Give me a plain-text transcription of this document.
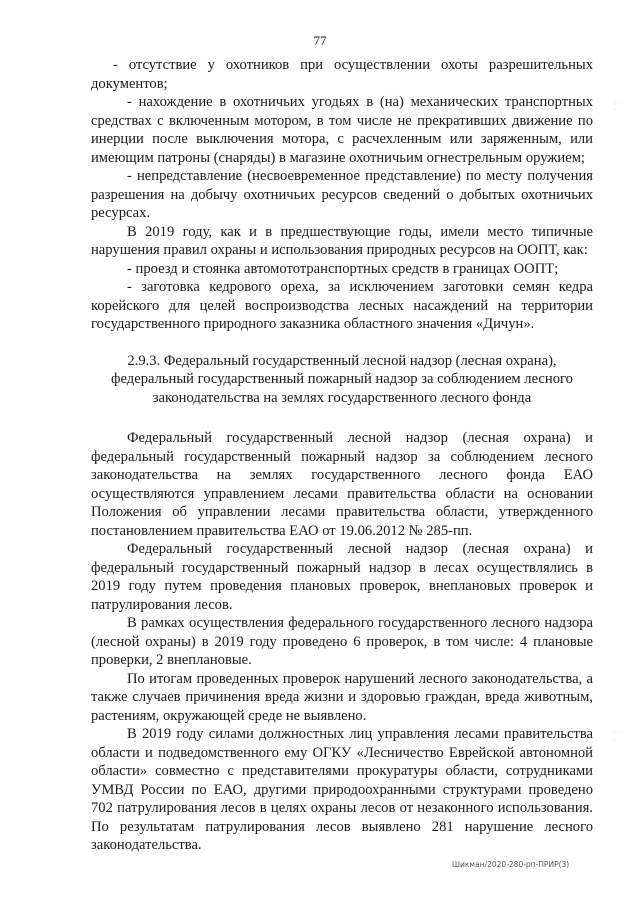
77

- отсутствие у охотников при осуществлении охоты разрешительных документов;

- нахождение в охотничьих угодьях в (на) механических транспортных средствах с включенным мотором, в том числе не прекративших движение по инерции после выключения мотора, с расчехленным или заряженным, или имеющим патроны (снаряды) в магазине охотничьим огнестрельным оружием;

- непредставление (несвоевременное представление) по месту получения разрешения на добычу охотничьих ресурсов сведений о добытых охотничьих ресурсах.

В 2019 году, как и в предшествующие годы, имели место типичные нарушения правил охраны и использования природных ресурсов на ООПТ, как:

- проезд и стоянка автомототранспортных средств в границах ООПТ;

- заготовка кедрового ореха, за исключением заготовки семян кедра корейского для целей воспроизводства лесных насаждений на территории государственного природного заказника областного значения «Дичун».

2.9.3. Федеральный государственный лесной надзор (лесная охрана), федеральный государственный пожарный надзор за соблюдением лесного законодательства на землях государственного лесного фонда

Федеральный государственный лесной надзор (лесная охрана) и федеральный государственный пожарный надзор за соблюдением лесного законодательства на землях государственного лесного фонда ЕАО осуществляются управлением лесами правительства области на основании Положения об управлении лесами правительства области, утвержденного постановлением правительства ЕАО от 19.06.2012 № 285-пп.

Федеральный государственный лесной надзор (лесная охрана) и федеральный государственный пожарный надзор в лесах осуществлялись в 2019 году путем проведения плановых проверок, внеплановых проверок и патрулирования лесов.

В рамках осуществления федерального государственного лесного надзора (лесной охраны) в 2019 году проведено 6 проверок, в том числе: 4 плановые проверки, 2 внеплановые.

По итогам проведенных проверок нарушений лесного законодательства, а также случаев причинения вреда жизни и здоровью граждан, вреда животным, растениям, окружающей среде не выявлено.

В 2019 году силами должностных лиц управления лесами правительства области и подведомственного ему ОГКУ «Лесничество Еврейской автономной области» совместно с представителями прокуратуры области, сотрудниками УМВД России по ЕАО, другими природоохранными структурами проведено 702 патрулирования лесов в целях охраны лесов от незаконного использования. По результатам патрулирования лесов выявлено 281 нарушение лесного законодательства.

Шикман/2020-280-рп-ПРИР(3)
· ·
·
· ·
·
